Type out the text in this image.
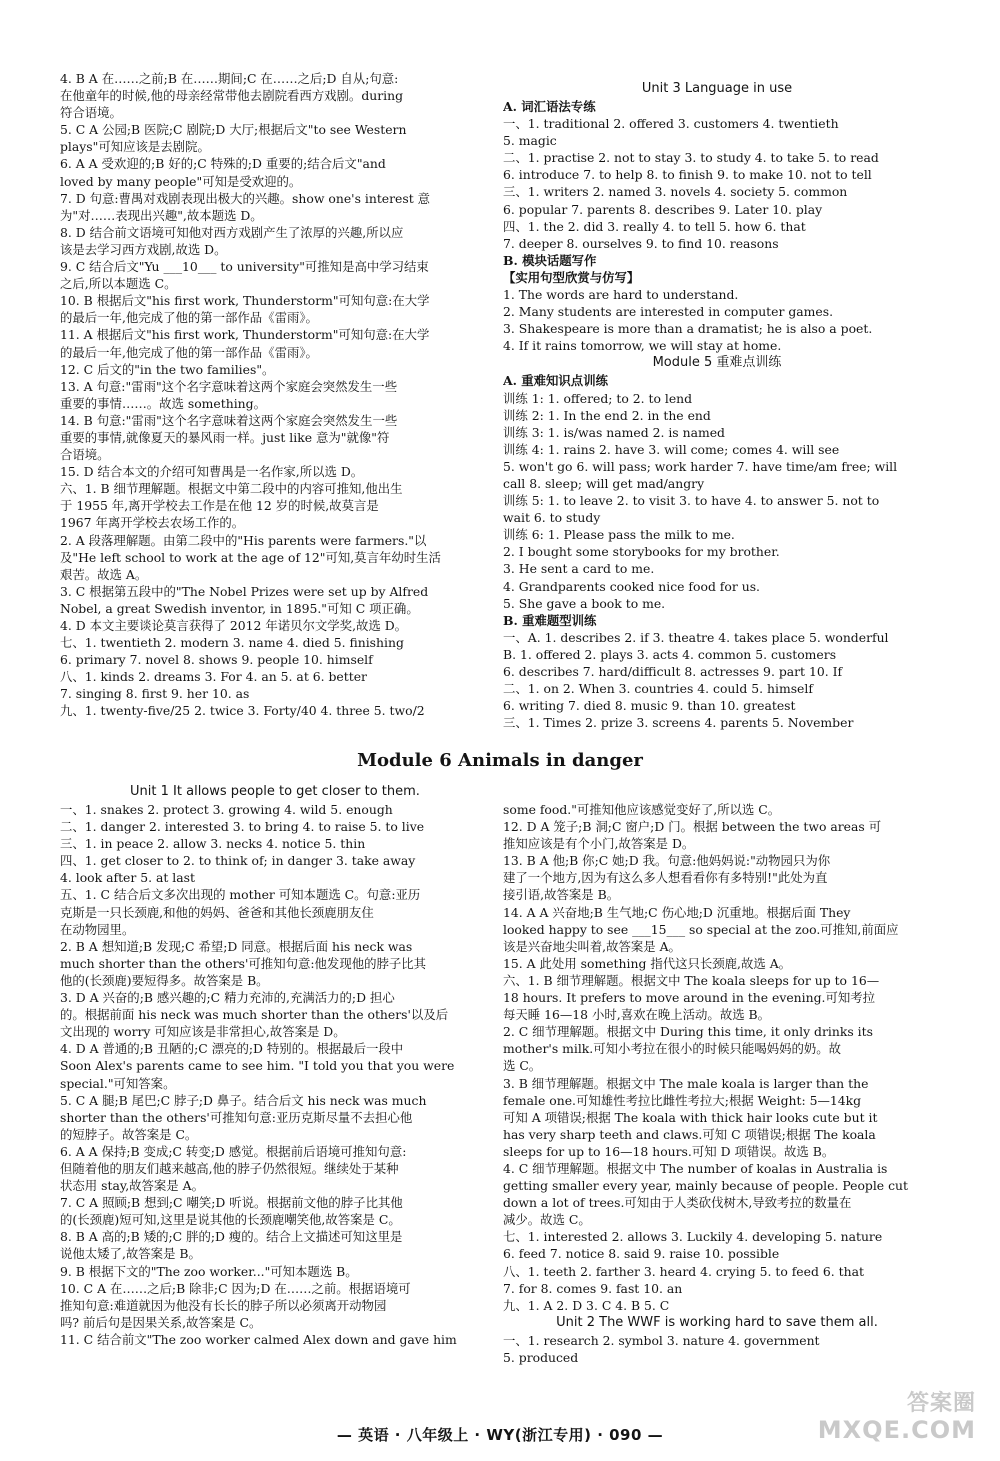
4. B A 在……之前;B 在……期间;C 在……之后;D 自从;句意:
在他童年的时候,他的母亲经常带他去剧院看西方戏剧。during
符合语境。
5. C A 公园;B 医院;C 剧院;D 大厅;根据后文"to see Western
plays"可知应该是去剧院。
6. A A 受欢迎的;B 好的;C 特殊的;D 重要的;结合后文"and
loved by many people"可知是受欢迎的。
7. D 句意:曹禺对戏剧表现出极大的兴趣。show one's interest 意
为"对……表现出兴趣",故本题选 D。
8. D 结合前文语境可知他对西方戏剧产生了浓厚的兴趣,所以应
该是去学习西方戏剧,故选 D。
9. C 结合后文"Yu ___10___ to university"可推知是高中学习结束
之后,所以本题选 C。
10. B 根据后文"his first work, Thunderstorm"可知句意:在大学
的最后一年,他完成了他的第一部作品《雷雨》。
11. A 根据后文"his first work, Thunderstorm"可知句意:在大学
的最后一年,他完成了他的第一部作品《雷雨》。
12. C 后文的"in the two families"。
13. A 句意:"雷雨"这个名字意味着这两个家庭会突然发生一些
重要的事情……。故选 something。
14. B 句意:"雷雨"这个名字意味着这两个家庭会突然发生一些
重要的事情,就像夏天的暴风雨一样。just like 意为"就像"符
合语境。
15. D 结合本文的介绍可知曹禺是一名作家,所以选 D。
六、1. B 细节理解题。根据文中第二段中的内容可推知,他出生
于 1955 年,离开学校去工作是在他 12 岁的时候,故莫言是
1967 年离开学校去农场工作的。
2. A 段落理解题。由第二段中的"His parents were farmers."以
及"He left school to work at the age of 12"可知,莫言年幼时生活
艰苦。故选 A。
3. C 根据第五段中的"The Nobel Prizes were set up by Alfred
Nobel, a great Swedish inventor, in 1895."可知 C 项正确。
4. D 本文主要谈论莫言获得了 2012 年诺贝尔文学奖,故选 D。
七、1. twentieth 2. modern 3. name 4. died 5. finishing
6. primary 7. novel 8. shows 9. people 10. himself
八、1. kinds 2. dreams 3. For 4. an 5. at 6. better
7. singing 8. first 9. her 10. as
九、1. twenty-five/25 2. twice 3. Forty/40 4. three 5. two/2
Unit 3 Language in use
A. 词汇语法专练
一、1. traditional 2. offered 3. customers 4. twentieth
5. magic
二、1. practise 2. not to stay 3. to study 4. to take 5. to read
6. introduce 7. to help 8. to finish 9. to make 10. not to tell
三、1. writers 2. named 3. novels 4. society 5. common
6. popular 7. parents 8. describes 9. Later 10. play
四、1. the 2. did 3. really 4. to tell 5. how 6. that
7. deeper 8. ourselves 9. to find 10. reasons
B. 模块话题写作
【实用句型欣赏与仿写】
1. The words are hard to understand.
2. Many students are interested in computer games.
3. Shakespeare is more than a dramatist; he is also a poet.
4. If it rains tomorrow, we will stay at home.
Module 5 重难点训练
A. 重难知识点训练
训练 1: 1. offered; to 2. to lend
训练 2: 1. In the end 2. in the end
训练 3: 1. is/was named 2. is named
训练 4: 1. rains 2. have 3. will come; comes 4. will see
5. won't go 6. will pass; work harder 7. have time/am free; will
call 8. sleep; will get mad/angry
训练 5: 1. to leave 2. to visit 3. to have 4. to answer 5. not to
wait 6. to study
训练 6: 1. Please pass the milk to me.
2. I bought some storybooks for my brother.
3. He sent a card to me.
4. Grandparents cooked nice food for us.
5. She gave a book to me.
B. 重难题型训练
一、A. 1. describes 2. if 3. theatre 4. takes place 5. wonderful
B. 1. offered 2. plays 3. acts 4. common 5. customers
6. describes 7. hard/difficult 8. actresses 9. part 10. If
二、1. on 2. When 3. countries 4. could 5. himself
6. writing 7. died 8. music 9. than 10. greatest
三、1. Times 2. prize 3. screens 4. parents 5. November
Module 6 Animals in danger
Unit 1 It allows people to get closer to them.
一、1. snakes 2. protect 3. growing 4. wild 5. enough
二、1. danger 2. interested 3. to bring 4. to raise 5. to live
三、1. in peace 2. allow 3. necks 4. notice 5. thin
四、1. get closer to 2. to think of; in danger 3. take away
4. look after 5. at last
五、1. C 结合后文多次出现的 mother 可知本题选 C。句意:亚历
克斯是一只长颈鹿,和他的妈妈、爸爸和其他长颈鹿朋友住
在动物园里。
2. B A 想知道;B 发现;C 希望;D 同意。根据后面 his neck was
much shorter than the others'可推知句意:他发现他的脖子比其
他的(长颈鹿)要短得多。故答案是 B。
3. D A 兴奋的;B 感兴趣的;C 精力充沛的,充满活力的;D 担心
的。根据前面 his neck was much shorter than the others'以及后
文出现的 worry 可知应该是非常担心,故答案是 D。
4. D A 普通的;B 丑陋的;C 漂亮的;D 特别的。根据最后一段中
Soon Alex's parents came to see him. "I told you that you were
special."可知答案。
5. C A 腿;B 尾巴;C 脖子;D 鼻子。结合后文 his neck was much
shorter than the others'可推知句意:亚历克斯尽量不去担心他
的短脖子。故答案是 C。
6. A A 保持;B 变成;C 转变;D 感觉。根据前后语境可推知句意:
但随着他的朋友们越来越高,他的脖子仍然很短。继续处于某种
状态用 stay,故答案是 A。
7. C A 照顾;B 想到;C 嘲笑;D 听说。根据前文他的脖子比其他
的(长颈鹿)短可知,这里是说其他的长颈鹿嘲笑他,故答案是 C。
8. B A 高的;B 矮的;C 胖的;D 瘦的。结合上文描述可知这里是
说他太矮了,故答案是 B。
9. B 根据下文的"The zoo worker..."可知本题选 B。
10. C A 在……之后;B 除非;C 因为;D 在……之前。根据语境可
推知句意:难道就因为他没有长长的脖子所以必须离开动物园
吗? 前后句是因果关系,故答案是 C。
11. C 结合前文"The zoo worker calmed Alex down and gave him
some food."可推知他应该感觉变好了,所以选 C。
12. D A 笼子;B 洞;C 窗户;D 门。根据 between the two areas 可
推知应该是有个小门,故答案是 D。
13. B A 他;B 你;C 她;D 我。句意:他妈妈说:"动物园只为你
建了一个地方,因为有这么多人想看看你有多特别!"此处为直
接引语,故答案是 B。
14. A A 兴奋地;B 生气地;C 伤心地;D 沉重地。根据后面 They
looked happy to see ___15___ so special at the zoo.可推知,前面应
该是兴奋地尖叫着,故答案是 A。
15. A 此处用 something 指代这只长颈鹿,故选 A。
六、1. B 细节理解题。根据文中 The koala sleeps for up to 16—
18 hours. It prefers to move around in the evening.可知考拉
每天睡 16—18 小时,喜欢在晚上活动。故选 B。
2. C 细节理解题。根据文中 During this time, it only drinks its
mother's milk.可知小考拉在很小的时候只能喝妈妈的奶。故
选 C。
3. B 细节理解题。根据文中 The male koala is larger than the
female one.可知雄性考拉比雌性考拉大;根据 Weight: 5—14kg
可知 A 项错误;根据 The koala with thick hair looks cute but it
has very sharp teeth and claws.可知 C 项错误;根据 The koala
sleeps for up to 16—18 hours.可知 D 项错误。故选 B。
4. C 细节理解题。根据文中 The number of koalas in Australia is
getting smaller every year, mainly because of people. People cut
down a lot of trees.可知由于人类砍伐树木,导致考拉的数量在
减少。故选 C。
七、1. interested 2. allows 3. Luckily 4. developing 5. nature
6. feed 7. notice 8. said 9. raise 10. possible
八、1. teeth 2. farther 3. heard 4. crying 5. to feed 6. that
7. for 8. comes 9. fast 10. an
九、1. A 2. D 3. C 4. B 5. C
Unit 2 The WWF is working hard to save them all.
一、1. research 2. symbol 3. nature 4. government
5. produced
— 英语 · 八年级上 · WY(浙江专用) · 090 —
答案圈
MXQE.COM
